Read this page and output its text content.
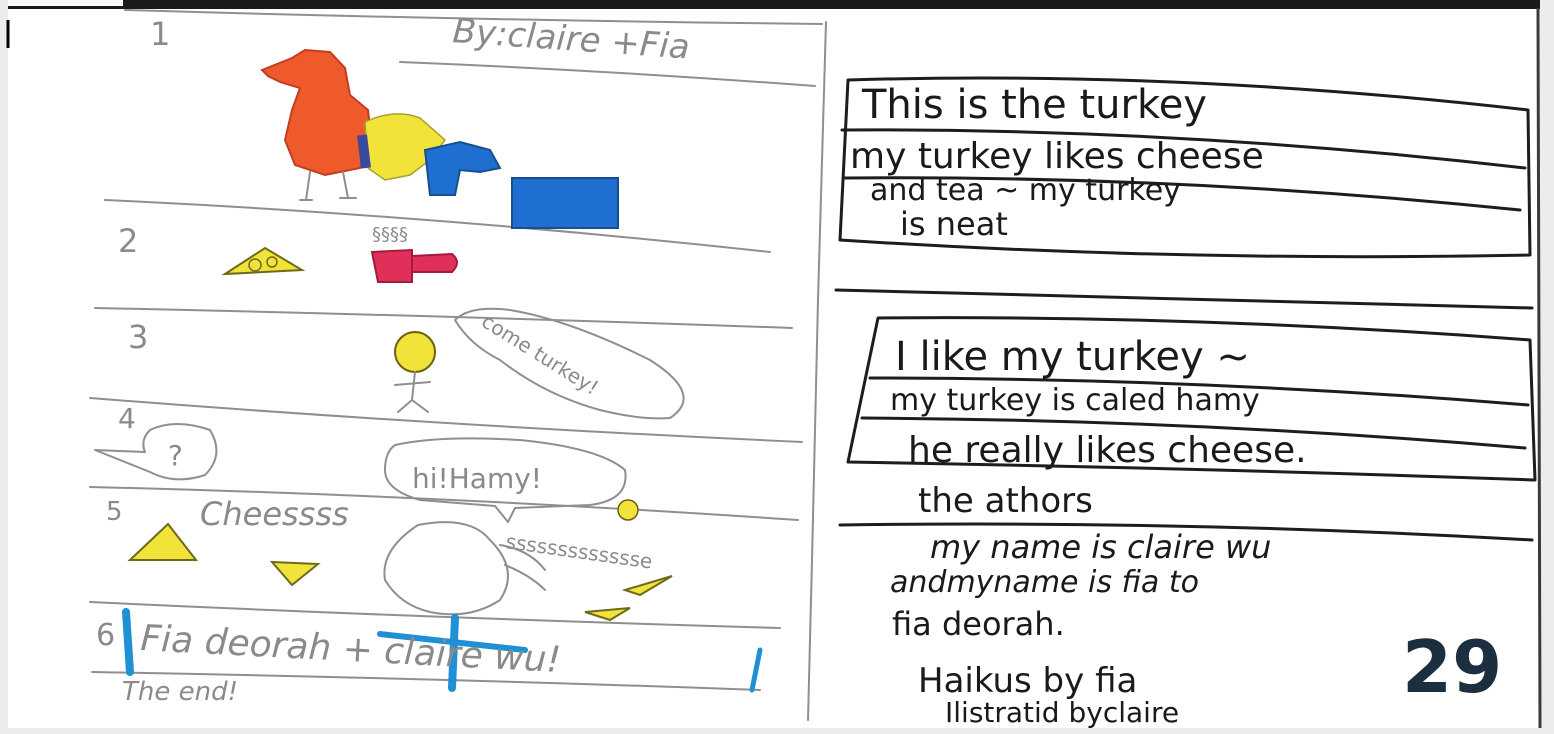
By:claire +Fia
1
2
3
4
5
6
§§§§
come turkey!
?
hi!Hamy!
Cheessss
ssssssssssssse
Fia deorah + claire wu!
The end!
This is the turkey
my turkey likes cheese
and tea ~ my turkey
is neat
I like my turkey ~
my turkey is caled hamy
he really likes cheese.
the athors
my name is claire wu
andmyname is fia to
fia deorah.
Haikus by fia
Ilistratid byclaire
29
